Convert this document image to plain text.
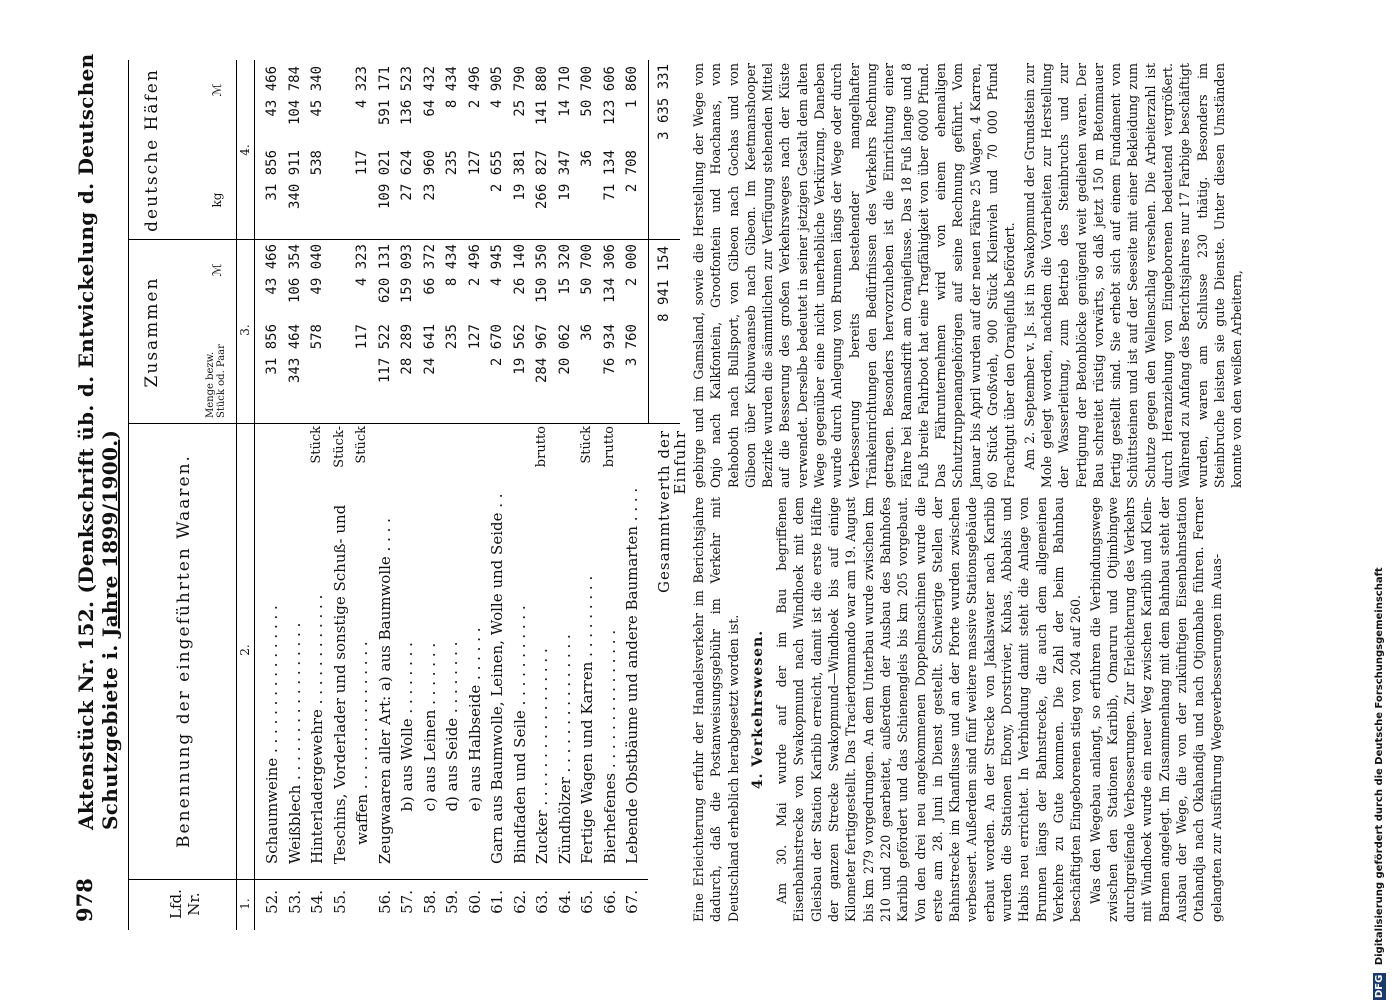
978
Aktenstück Nr. 152. (Denkschrift üb. d. Entwickelung d. Deutschen Schutzgebiete i. Jahre 1899/1900.)
Lfd. Nr.
Benennung der eingeführten Waaren.
Zusammen
deutsche Häfen
Menge bezw. Stück od. Paar
ℳ
kg
ℳ
1.
2.
3.
4.
52.
Schaumweine . . . . . . . . . . . . . . . .
31 856
43 466
31 856
43 466
53.
Weißblech . . . . . . . . . . . . . . . . .
343 464
106 354
340 911
104 784
54.
Hinterladergewehre . . . . . . . . . . . .
Stück
578
49 040
538
45 340
55.
Teschins, Vorderlader und sonstige Schuß- und
Stück-
waffen . . . . . . . . . . . . . . . .
Stück
117
4 323
117
4 323
56.
Zeugwaaren aller Art: a) aus Baumwolle . . . .
117 522
620 131
109 021
591 171
57.
b) aus Wolle . . . . . . . .
28 289
159 093
27 624
136 523
58.
c) aus Leinen . . . . . . .
24 641
66 372
23 960
64 432
59.
d) aus Seide . . . . . . . .
235
8 434
235
8 434
60.
e) aus Halbseide . . . . . .
127
2 496
127
2 496
61.
Garn aus Baumwolle, Leinen, Wolle und Seide . .
2 670
4 945
2 655
4 905
62.
Bindfaden und Seile . . . . . . . . . . .
19 562
26 140
19 381
25 790
63.
Zucker . . . . . . . . . . . . . . . . .
brutto
284 967
150 350
266 827
141 880
64.
Zündhölzer . . . . . . . . . . . . . . .
20 062
15 320
19 347
14 710
65.
Fertige Wagen und Karren . . . . . . . . .
Stück
36
50 700
36
50 700
66.
Bierhefenes . . . . . . . . . . . . . . .
brutto
76 934
134 306
71 134
123 606
67.
Lebende Obstbäume und andere Baumarten . . . .
3 760
2 000
2 708
1 860
Gesammtwerth der Einfuhr
8 941 154
3 635 331

Eine Erleichterung erfuhr der Handelsverkehr im Berichtsjahre dadurch, daß die Postanweisungsgebühr im Verkehr mit Deutschland erheblich herabgesetzt worden ist. 4. Verkehrswesen. Am 30. Mai wurde auf der im Bau begriffenen Eisenbahnstrecke von Swakopmund nach Windhoek mit dem Gleisbau der Station Karibib erreicht, damit ist die erste Hälfte der ganzen Strecke Swakopmund—Windhoek bis auf einige Kilometer fertiggestellt. Das Traciertommando war am 19. August bis km 279 vorgedrungen. An dem Unterbau wurde zwischen km 210 und 220 gearbeitet, außerdem der Ausbau des Bahnhofes Karibib gefördert und das Schienengleis bis km 205 vorgebaut. Von den drei neu angekommenen Doppelmaschinen wurde die erste am 28. Juni in Dienst gestellt. Schwierige Stellen der Bahnstrecke im Khanflusse und an der Pforte wurden zwischen verbessert. Außerdem sind fünf weitere massive Stationsgebäude erbaut worden. An der Strecke von Jakalswater nach Karibib wurden die Stationen Ebony, Dorstrivier, Kubas, Abbabis und Habis neu errichtet. In Verbindung damit steht die Anlage von Brunnen längs der Bahnstrecke, die auch dem allgemeinen Verkehre zu Gute kommen. Die Zahl der beim Bahnbau beschäftigten Eingeborenen stieg von 204 auf 260. Was den Wegebau anlangt, so erfuhren die Verbindungswege zwischen den Stationen Karibib, Omaruru und Otjimbingwe durchgreifende Verbesserungen. Zur Erleichterung des Verkehrs mit Windhoek wurde ein neuer Weg zwischen Karibib und Klein-Barmen angelegt. Im Zusammenhang mit dem Bahnbau steht der Ausbau der Wege, die von der zukünftigen Eisenbahnstation Otahandja nach Okahandja und nach Otjombahe führen. Ferner gelangten zur Ausführung Wegeverbesserungen im Auas-

gebirge und im Gamsland, sowie die Herstellung der Wege von Onjo nach Kalkfontein, Grootfontein und Hoachanas, von Rehoboth nach Bullsport, von Gibeon nach Gochas und von Gibeon über Kubuwaanseb nach Gibeon. Im Keetmanshooper Bezirke wurden die sämmtlichen zur Verfügung stehenden Mittel auf die Besserung des großen Verkehrsweges nach der Küste verwendet. Derselbe bedeutet in seiner jetzigen Gestalt dem alten Wege gegenüber eine nicht unerhebliche Verkürzung. Daneben wurde durch Anlegung von Brunnen längs der Wege oder durch Verbesserung bereits bestehender mangelhafter Tränkeinrichtungen den Bedürfnissen des Verkehrs Rechnung getragen. Besonders hervorzuheben ist die Einrichtung einer Fähre bei Ramansdrift am Oranjeflusse. Das 18 Fuß lange und 8 Fuß breite Fahrboot hat eine Tragfähigkeit von über 6000 Pfund. Das Fährunternehmen wird von einem ehemaligen Schutztruppenangehörigen auf seine Rechnung geführt. Vom Januar bis April wurden auf der neuen Fähre 25 Wagen, 4 Karren, 60 Stück Großvieh, 900 Stück Kleinvieh und 70 000 Pfund Frachtgut über den Oranjefluß befördert. Am 2. September v. Js. ist in Swakopmund der Grundstein zur Mole gelegt worden, nachdem die Vorarbeiten zur Herstellung der Wasserleitung, zum Betrieb des Steinbruchs und zur Fertigung der Betonblöcke genügend weit gediehen waren. Der Bau schreitet rüstig vorwärts, so daß jetzt 150 m Betonmauer fertig gestellt sind. Sie erhebt sich auf einem Fundament von Schüttsteinen und ist auf der Seeseite mit einer Bekleidung zum Schutze gegen den Wellenschlag versehen. Die Arbeiterzahl ist durch Heranziehung von Eingeborenen bedeutend vergrößert. Während zu Anfang des Berichtsjahres nur 17 Farbige beschäftigt wurden, waren am Schlusse 230 thätig. Besonders im Steinbruche leisten sie gute Dienste. Unter diesen Umständen konnte von den weißen Arbeitern,

DFG Digitalisierung gefördert durch die Deutsche Forschungsgemeinschaft
